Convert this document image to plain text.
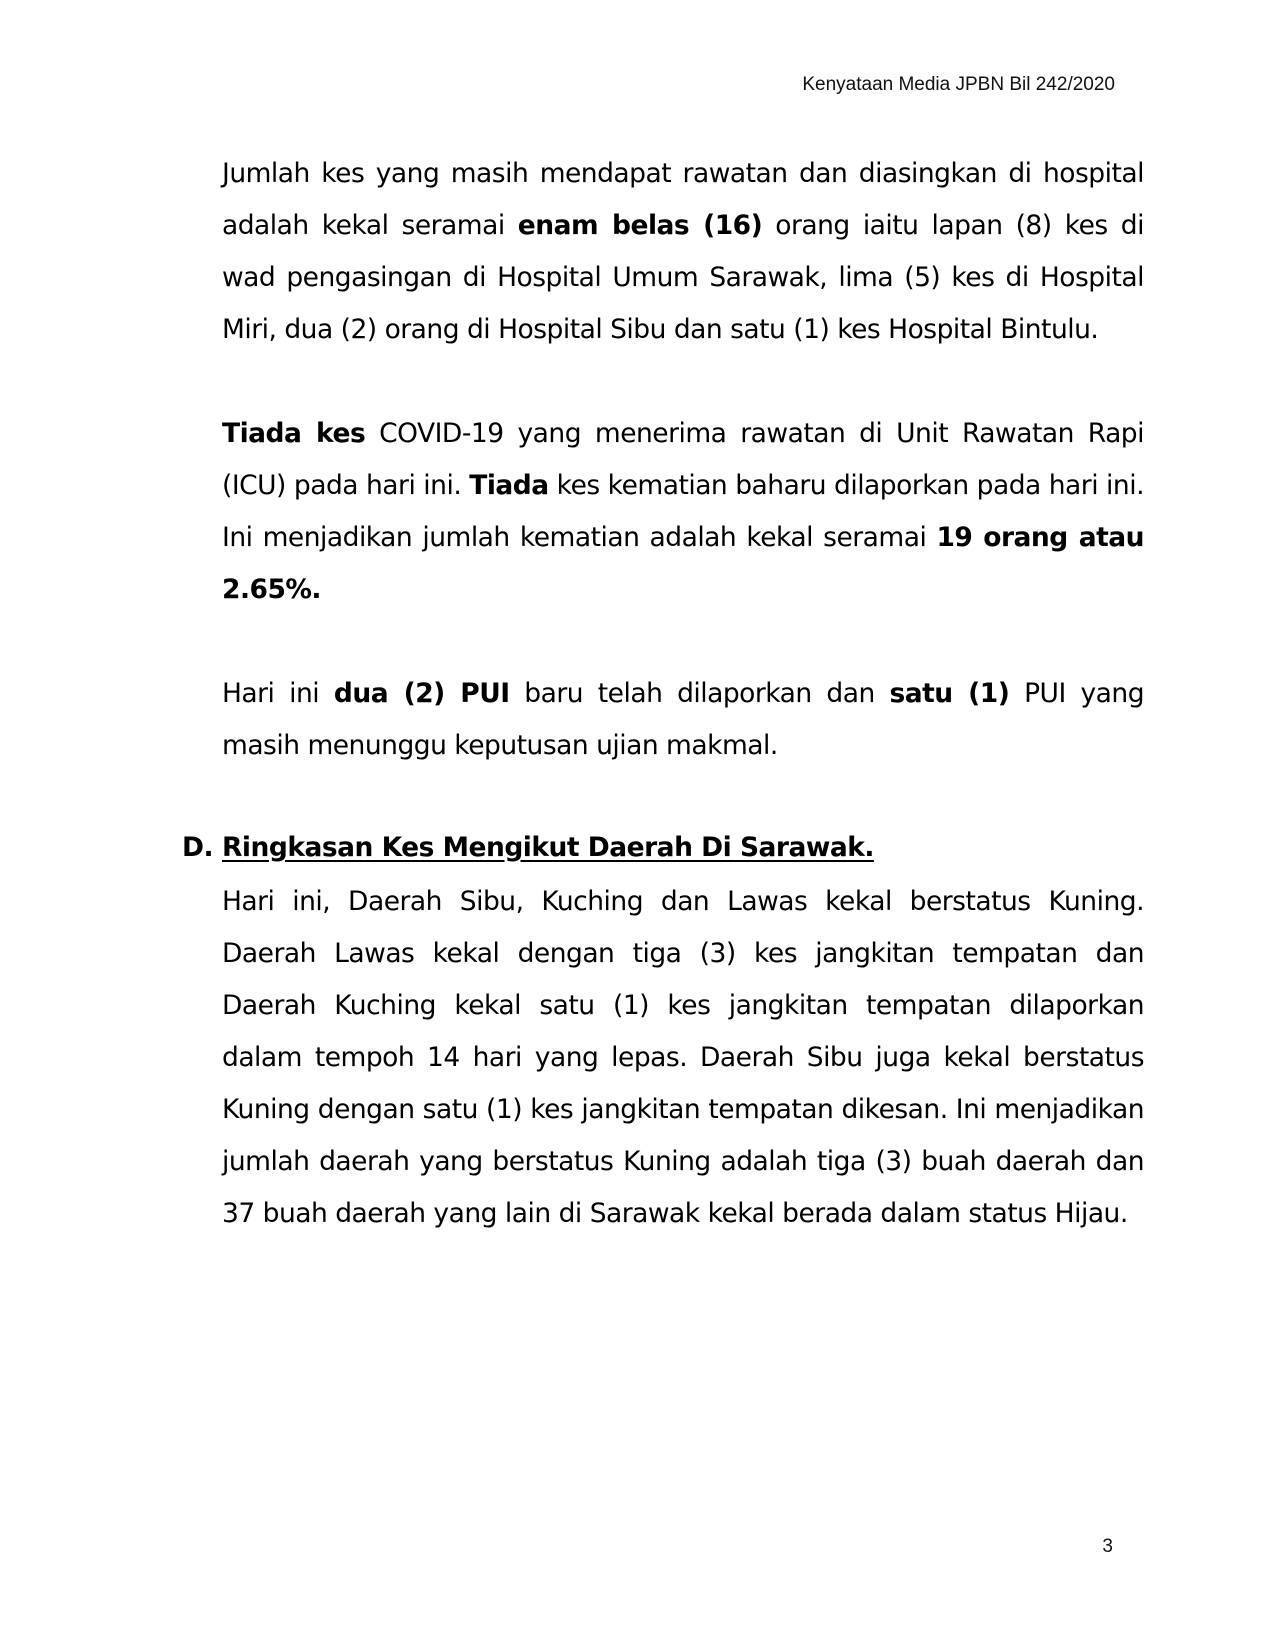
Kenyataan Media JPBN Bil 242/2020
Jumlah kes yang masih mendapat rawatan dan diasingkan di hospital adalah kekal seramai enam belas (16) orang iaitu lapan (8) kes di wad pengasingan di Hospital Umum Sarawak, lima (5) kes di Hospital Miri, dua (2) orang di Hospital Sibu dan satu (1) kes Hospital Bintulu.
Tiada kes COVID-19 yang menerima rawatan di Unit Rawatan Rapi (ICU) pada hari ini. Tiada kes kematian baharu dilaporkan pada hari ini. Ini menjadikan jumlah kematian adalah kekal seramai 19 orang atau 2.65%.
Hari ini dua (2) PUI baru telah dilaporkan dan satu (1) PUI yang masih menunggu keputusan ujian makmal.
D. Ringkasan Kes Mengikut Daerah Di Sarawak.
Hari ini, Daerah Sibu, Kuching dan Lawas kekal berstatus Kuning. Daerah Lawas kekal dengan tiga (3) kes jangkitan tempatan dan Daerah Kuching kekal satu (1) kes jangkitan tempatan dilaporkan dalam tempoh 14 hari yang lepas. Daerah Sibu juga kekal berstatus Kuning dengan satu (1) kes jangkitan tempatan dikesan. Ini menjadikan jumlah daerah yang berstatus Kuning adalah tiga (3) buah daerah dan 37 buah daerah yang lain di Sarawak kekal berada dalam status Hijau.
3
